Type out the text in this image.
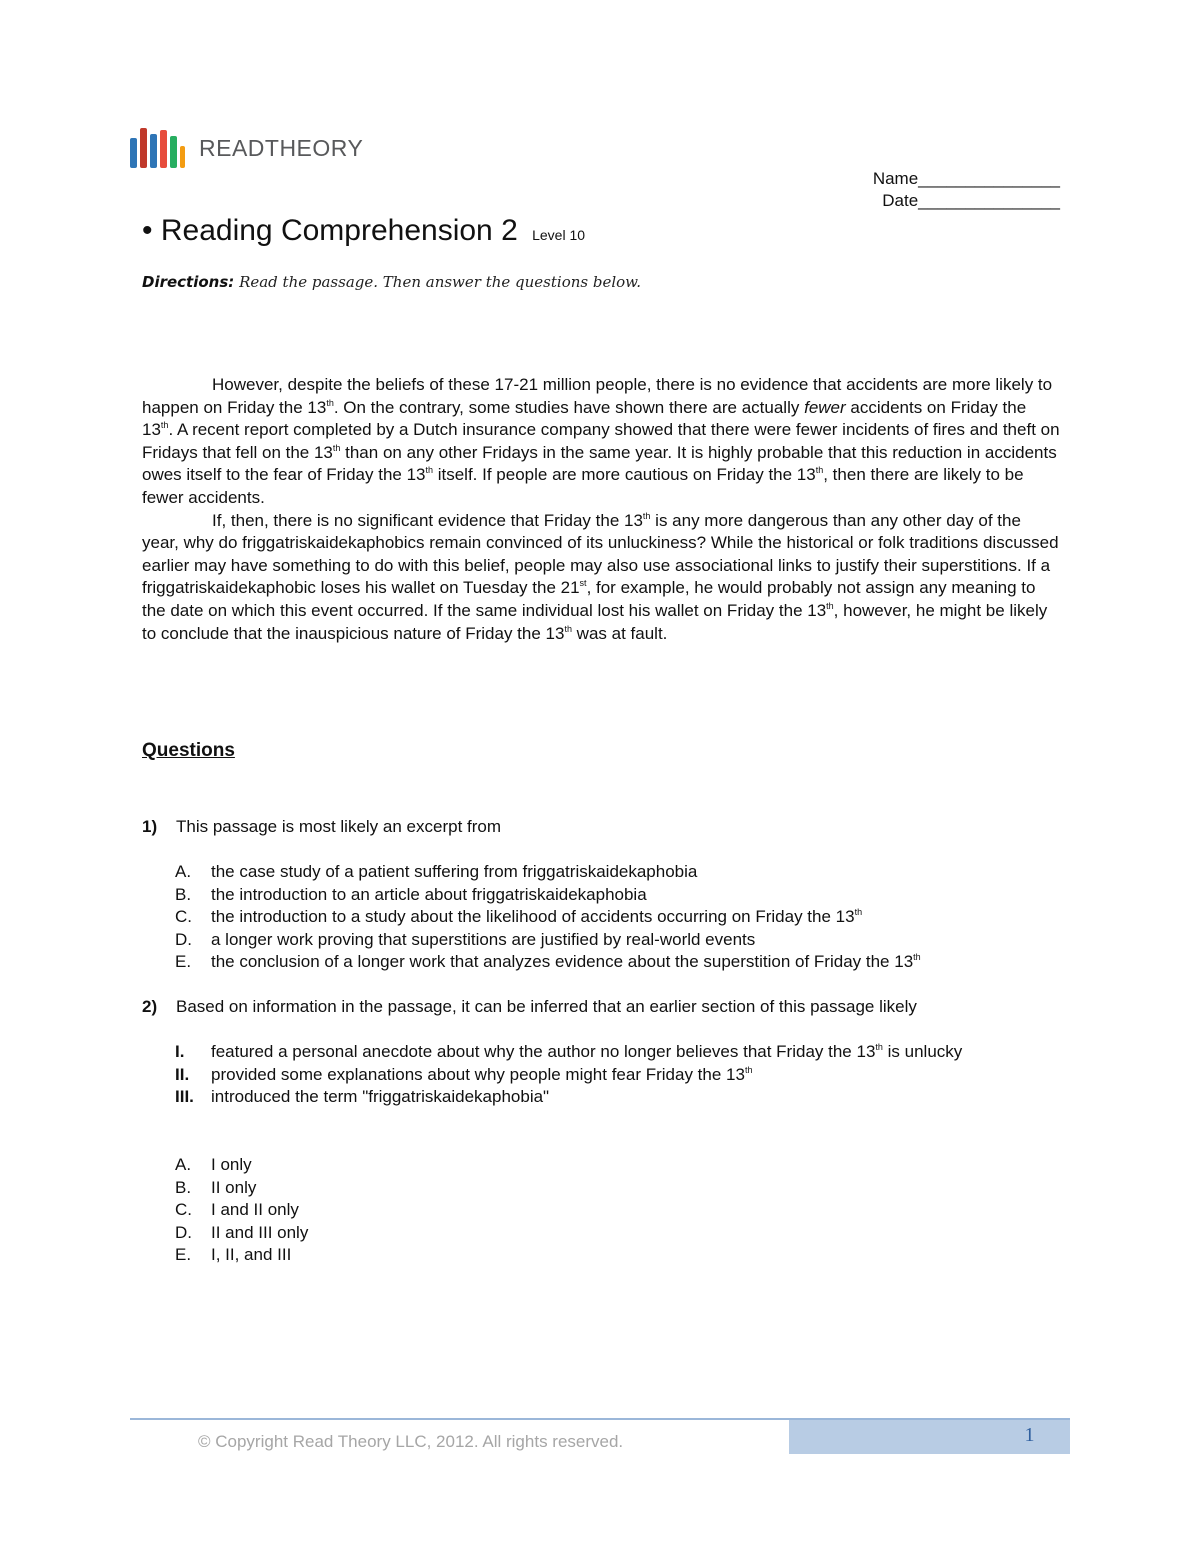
READTHEORY
Name_______________
Date_______________
• Reading Comprehension 2 Level 10
Directions: Read the passage. Then answer the questions below.

However, despite the beliefs of these 17-21 million people, there is no evidence that accidents are more likely to happen on Friday the 13th. On the contrary, some studies have shown there are actually fewer accidents on Friday the 13th. A recent report completed by a Dutch insurance company showed that there were fewer incidents of fires and theft on Fridays that fell on the 13th than on any other Fridays in the same year. It is highly probable that this reduction in accidents owes itself to the fear of Friday the 13th itself. If people are more cautious on Friday the 13th, then there are likely to be fewer accidents.

If, then, there is no significant evidence that Friday the 13th is any more dangerous than any other day of the year, why do friggatriskaidekaphobics remain convinced of its unluckiness? While the historical or folk traditions discussed earlier may have something to do with this belief, people may also use associational links to justify their superstitions. If a friggatriskaidekaphobic loses his wallet on Tuesday the 21st, for example, he would probably not assign any meaning to the date on which this event occurred. If the same individual lost his wallet on Friday the 13th, however, he might be likely to conclude that the inauspicious nature of Friday the 13th was at fault.

Questions
1) This passage is most likely an excerpt from
A.	the case study of a patient suffering from friggatriskaidekaphobia
B.	the introduction to an article about friggatriskaidekaphobia
C.	the introduction to a study about the likelihood of accidents occurring on Friday the 13th
D.	a longer work proving that superstitions are justified by real-world events
E.	the conclusion of a longer work that analyzes evidence about the superstition of Friday the 13th
2) Based on information in the passage, it can be inferred that an earlier section of this passage likely
I.	featured a personal anecdote about why the author no longer believes that Friday the 13th is unlucky
II.	provided some explanations about why people might fear Friday the 13th
III.	introduced the term "friggatriskaidekaphobia"
A.	I only
B.	II only
C.	I and II only
D.	II and III only
E.	I, II, and III
© Copyright Read Theory LLC, 2012. All rights reserved.	1
